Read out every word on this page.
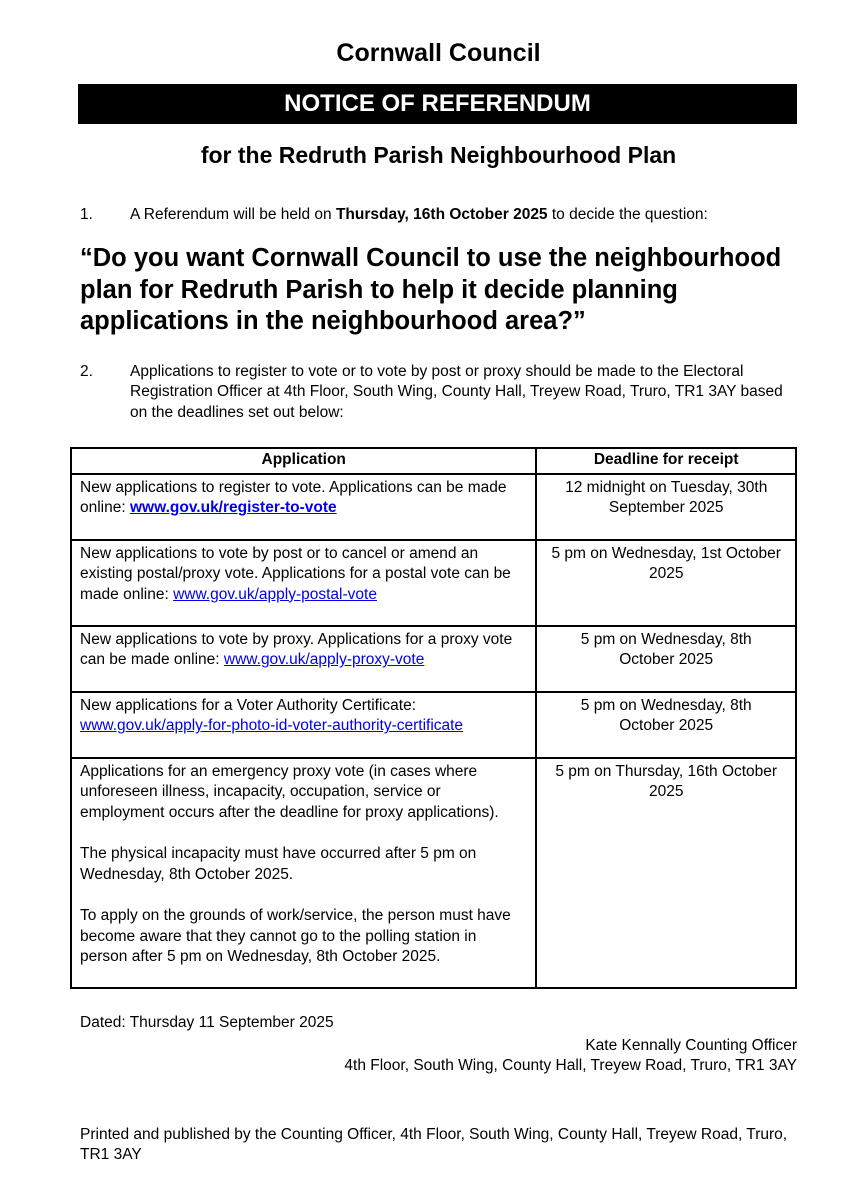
Cornwall Council
NOTICE OF REFERENDUM
for the Redruth Parish Neighbourhood Plan
1.	A Referendum will be held on Thursday, 16th October 2025 to decide the question:
“Do you want Cornwall Council to use the neighbourhood plan for Redruth Parish to help it decide planning applications in the neighbourhood area?”
2.	Applications to register to vote or to vote by post or proxy should be made to the Electoral Registration Officer at 4th Floor, South Wing, County Hall, Treyew Road, Truro, TR1 3AY based on the deadlines set out below:
Application	Deadline for receipt
New applications to register to vote. Applications can be made online: www.gov.uk/register-to-vote	12 midnight on Tuesday, 30th September 2025
New applications to vote by post or to cancel or amend an existing postal/proxy vote. Applications for a postal vote can be made online: www.gov.uk/apply-postal-vote	5 pm on Wednesday, 1st October 2025
New applications to vote by proxy. Applications for a proxy vote can be made online: www.gov.uk/apply-proxy-vote	5 pm on Wednesday, 8th October 2025
New applications for a Voter Authority Certificate: www.gov.uk/apply-for-photo-id-voter-authority-certificate	5 pm on Wednesday, 8th October 2025

Applications for an emergency proxy vote (in cases where unforeseen illness, incapacity, occupation, service or employment occurs after the deadline for proxy applications).

The physical incapacity must have occurred after 5 pm on Wednesday, 8th October 2025.

To apply on the grounds of work/service, the person must have become aware that they cannot go to the polling station in person after 5 pm on Wednesday, 8th October 2025.	5 pm on Thursday, 16th October 2025
Dated: Thursday 11 September 2025
Kate Kennally Counting Officer
4th Floor, South Wing, County Hall, Treyew Road, Truro, TR1 3AY
Printed and published by the Counting Officer, 4th Floor, South Wing, County Hall, Treyew Road, Truro, TR1 3AY
